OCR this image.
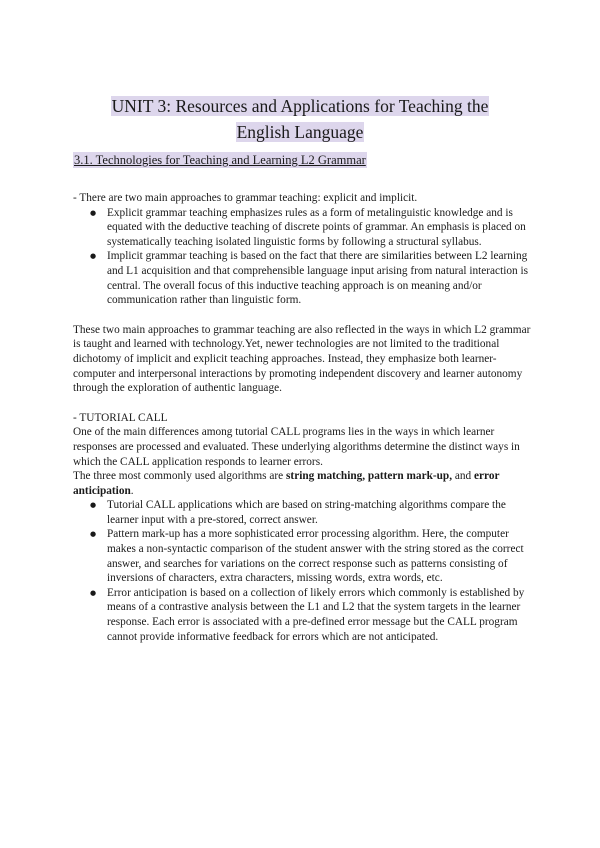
UNIT 3: Resources and Applications for Teaching the
English Language
3.1. Technologies for Teaching and Learning L2 Grammar

- There are two main approaches to grammar teaching: explicit and implicit.

● Explicit grammar teaching emphasizes rules as a form of metalinguistic knowledge and is equated with the deductive teaching of discrete points of grammar. An emphasis is placed on systematically teaching isolated linguistic forms by following a structural syllabus.
● Implicit grammar teaching is based on the fact that there are similarities between L2 learning and L1 acquisition and that comprehensible language input arising from natural interaction is central. The overall focus of this inductive teaching approach is on meaning and/or communication rather than linguistic form.

These two main approaches to grammar teaching are also reflected in the ways in which L2 grammar is taught and learned with technology.Yet, newer technologies are not limited to the traditional dichotomy of implicit and explicit teaching approaches. Instead, they emphasize both learner-computer and interpersonal interactions by promoting independent discovery and learner autonomy through the exploration of authentic language.

- TUTORIAL CALL

One of the main differences among tutorial CALL programs lies in the ways in which learner responses are processed and evaluated. These underlying algorithms determine the distinct ways in which the CALL application responds to learner errors.

The three most commonly used algorithms are string matching, pattern mark-up, and error anticipation.

● Tutorial CALL applications which are based on string-matching algorithms compare the learner input with a pre-stored, correct answer.
● Pattern mark-up has a more sophisticated error processing algorithm. Here, the computer makes a non-syntactic comparison of the student answer with the string stored as the correct answer, and searches for variations on the correct response such as patterns consisting of inversions of characters, extra characters, missing words, extra words, etc.
● Error anticipation is based on a collection of likely errors which commonly is established by means of a contrastive analysis between the L1 and L2 that the system targets in the learner response. Each error is associated with a pre-defined error message but the CALL program cannot provide informative feedback for errors which are not anticipated.
